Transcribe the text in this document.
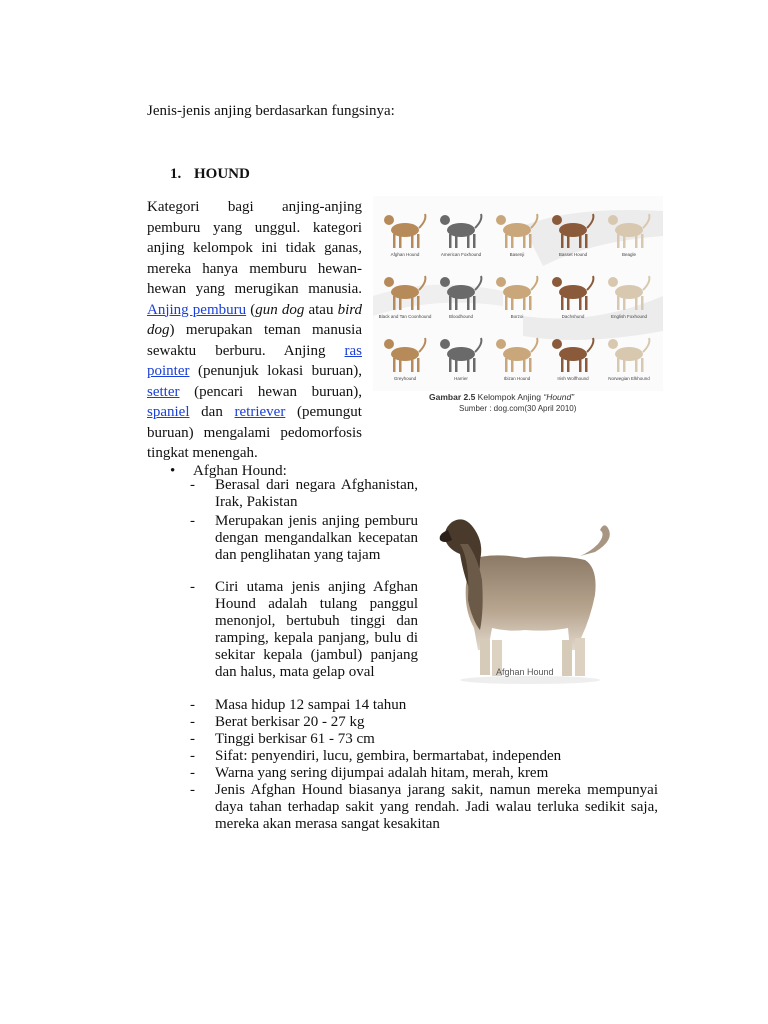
Jenis-jenis anjing berdasarkan fungsinya:
1. HOUND
Kategori bagi anjing-anjing pemburu yang unggul. kategori anjing kelompok ini tidak ganas, mereka hanya memburu hewan-hewan yang merugikan manusia. Anjing pemburu (gun dog atau bird dog) merupakan teman manusia sewaktu berburu. Anjing ras pointer (penunjuk lokasi buruan), setter (pencari hewan buruan), spaniel dan retriever (pemungut buruan) mengalami pedomorfosis tingkat menengah.
Afghan Hound	American Foxhound	Basenji	Basset Hound	Beagle
Black and Tan Coonhound	Bloodhound	Borzoi	Dachshund	English Foxhound
Greyhound	Harrier	Ibizan Hound	Irish Wolfhound	Norwegian Elkhound
Gambar 2.5 Kelompok Anjing “Hound”
Sumber : dog.com(30 April 2010)
• Afghan Hound:
- Berasal dari negara Afghanistan, Irak, Pakistan
- Merupakan jenis anjing pemburu dengan mengandalkan kecepatan dan penglihatan yang tajam
- Ciri utama jenis anjing Afghan Hound adalah tulang panggul menonjol, bertubuh tinggi dan ramping, kepala panjang, bulu di sekitar kepala (jambul) panjang dan halus, mata gelap oval
- Masa hidup 12 sampai 14 tahun
- Berat berkisar 20 - 27 kg
- Tinggi berkisar 61 - 73 cm
- Sifat: penyendiri, lucu, gembira, bermartabat, independen
- Warna yang sering dijumpai adalah hitam, merah, krem
- Jenis Afghan Hound biasanya jarang sakit, namun mereka mempunyai daya tahan terhadap sakit yang rendah. Jadi walau terluka sedikit saja, mereka akan merasa sangat kesakitan
Afghan Hound
